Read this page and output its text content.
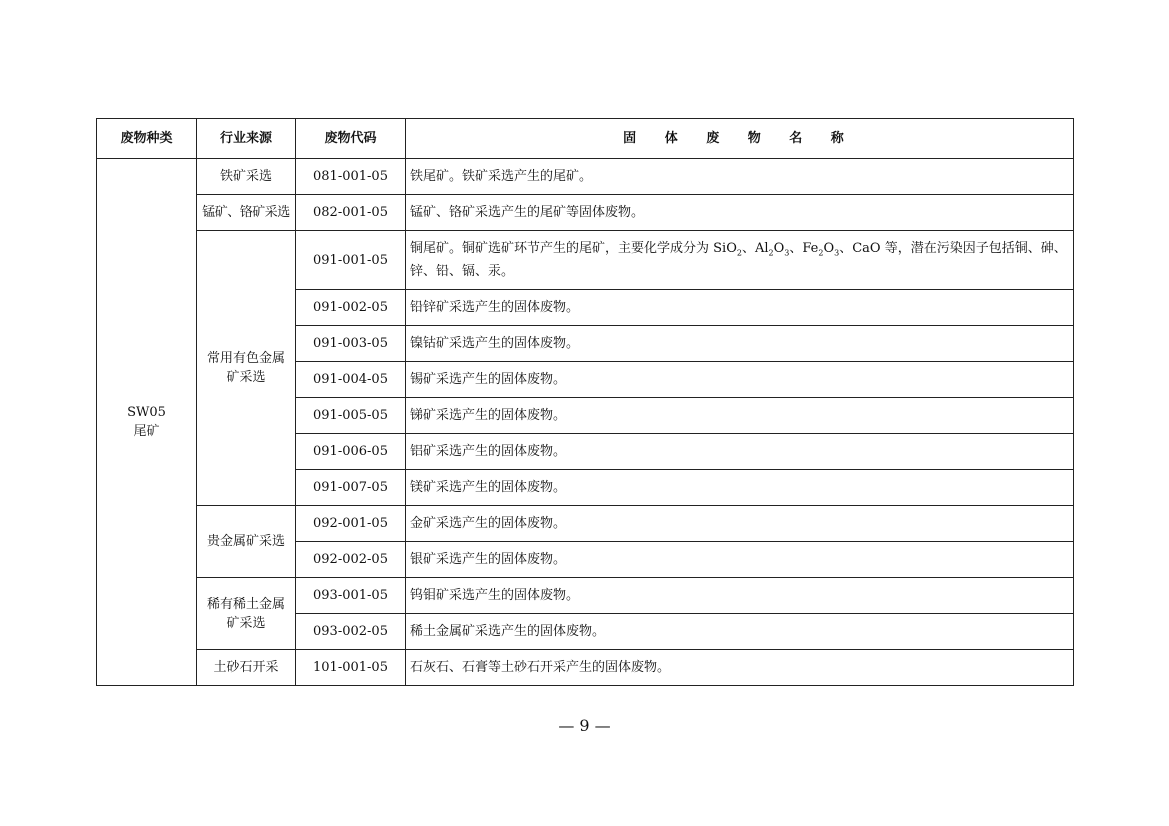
废物种类	行业来源	废物代码	固 体 废 物 名 称

SW05
尾矿	铁矿采选	081-001-05	铁尾矿。铁矿采选产生的尾矿。
	锰矿、铬矿采选	082-001-05	锰矿、铬矿采选产生的尾矿等固体废物。
	常用有色金属矿采选	091-001-05	铜尾矿。铜矿选矿环节产生的尾矿，主要化学成分为 SiO$_2$、$Al_2O_3$、$Fe_2O_3$、CaO 等，潜在污染因子包括铜、砷、锌、铅、镉、汞。
		091-002-05	铅锌矿采选产生的固体废物。
		091-003-05	镍钴矿采选产生的固体废物。
		091-004-05	锡矿采选产生的固体废物。
		091-005-05	锑矿采选产生的固体废物。
		091-006-05	铝矿采选产生的固体废物。
		091-007-05	镁矿采选产生的固体废物。
	贵金属矿采选	092-001-05	金矿采选产生的固体废物。
		092-002-05	银矿采选产生的固体废物。
	稀有稀土金属矿采选	093-001-05	钨钼矿采选产生的固体废物。
		093-002-05	稀土金属矿采选产生的固体废物。
	土砂石开采	101-001-05	石灰石、石膏等土砂石开采产生的固体废物。
— 9 —
